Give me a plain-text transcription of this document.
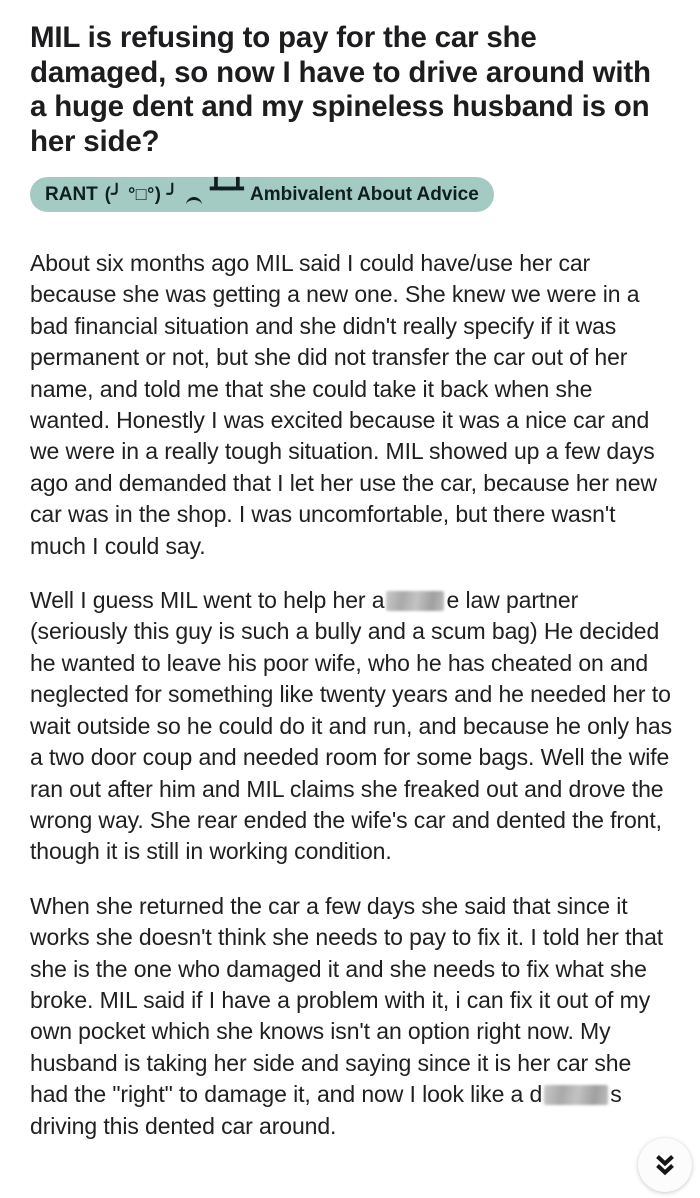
MIL is refusing to pay for the car she damaged, so now I have to drive around with a huge dent and my spineless husband is on her side?
RANT (╯ °□°) ╯ ┻━┻ Ambivalent About Advice

About six months ago MIL said I could have/use her car because she was getting a new one. She knew we were in a bad financial situation and she didn't really specify if it was permanent or not, but she did not transfer the car out of her name, and told me that she could take it back when she wanted. Honestly I was excited because it was a nice car and we were in a really tough situation. MIL showed up a few days ago and demanded that I let her use the car, because her new car was in the shop. I was uncomfortable, but there wasn't much I could say.

Well I guess MIL went to help her a	e law partner (seriously this guy is such a bully and a scum bag) He decided he wanted to leave his poor wife, who he has cheated on and neglected for something like twenty years and he needed her to wait outside so he could do it and run, and because he only has a two door coup and needed room for some bags. Well the wife ran out after him and MIL claims she freaked out and drove the wrong way. She rear ended the wife's car and dented the front, though it is still in working condition.

When she returned the car a few days she said that since it works she doesn't think she needs to pay to fix it. I told her that she is the one who damaged it and she needs to fix what she broke. MIL said if I have a problem with it, i can fix it out of my own pocket which she knows isn't an option right now. My husband is taking her side and saying since it is her car she had the "right" to damage it, and now I look like a d	s driving this dented car around.
